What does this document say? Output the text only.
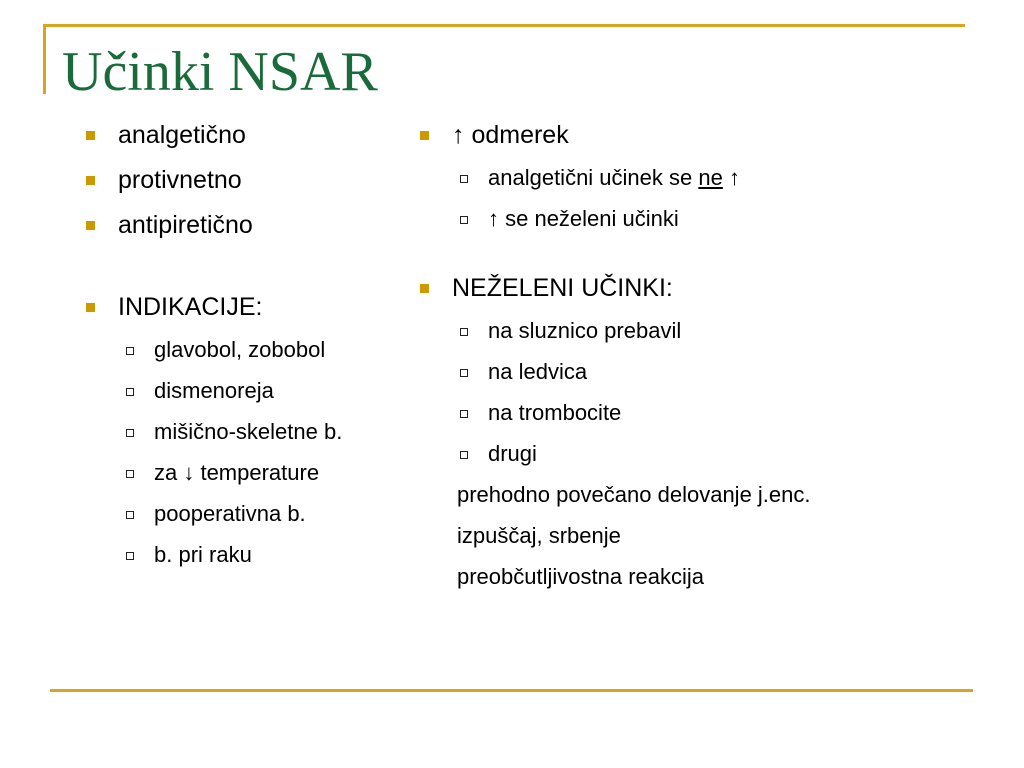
Učinki NSAR
analgetično
protivnetno
antipiretično
INDIKACIJE:
glavobol, zobobol
dismenoreja
mišično-skeletne b.
za ↓ temperature
pooperativna b.
b. pri raku
↑ odmerek
analgetični učinek se ne ↑
↑ se neželeni učinki
NEŽELENI UČINKI:
na sluznico prebavil
na ledvica
na trombocite
drugi
prehodno povečano delovanje j.enc.
izpuščaj, srbenje
preobčutljivostna reakcija
